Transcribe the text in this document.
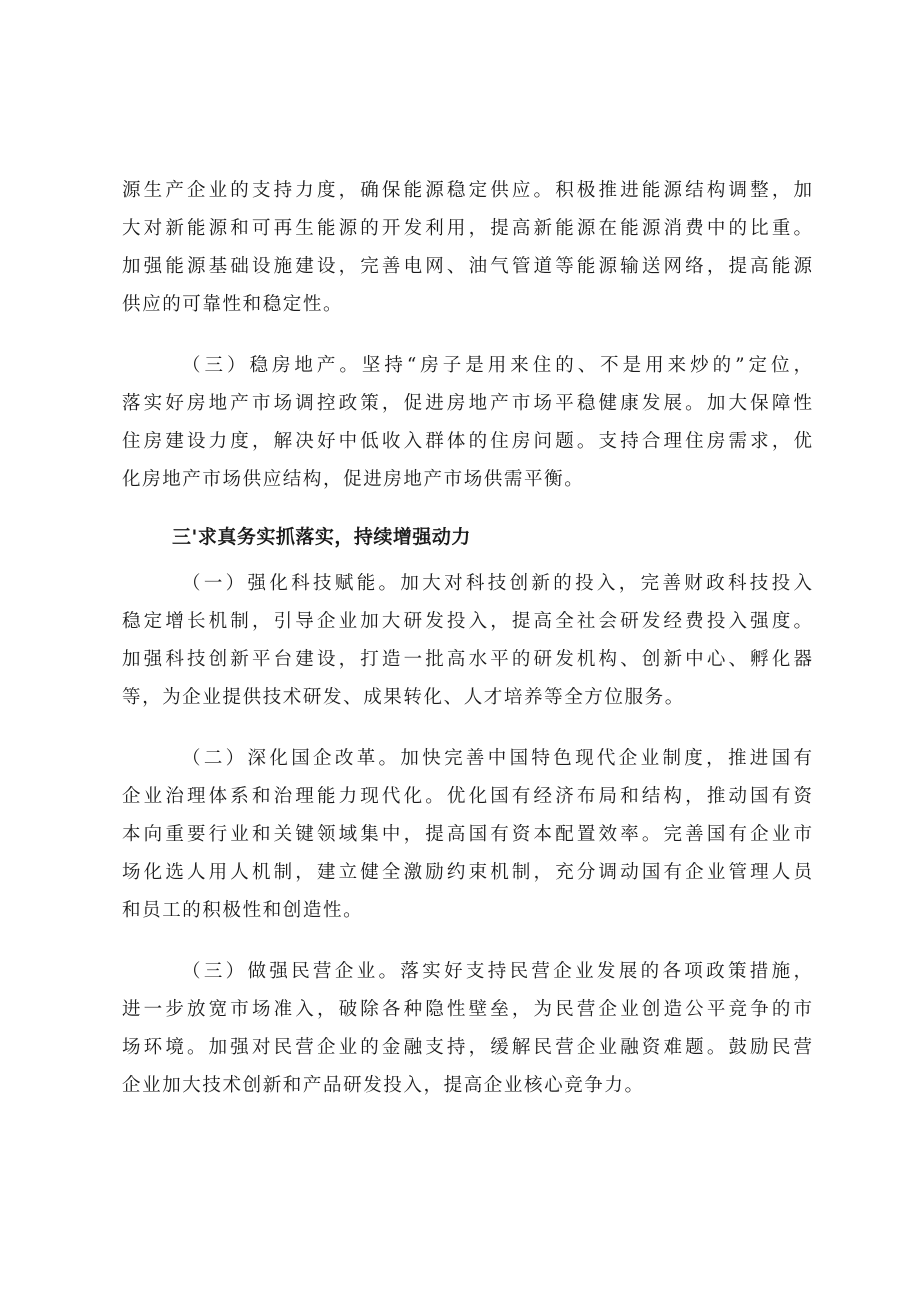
源生产企业的支持力度，确保能源稳定供应。积极推进能源结构调整，加
大对新能源和可再生能源的开发利用，提高新能源在能源消费中的比重。
加强能源基础设施建设，完善电网、油气管道等能源输送网络，提高能源
供应的可靠性和稳定性。
（三）稳房地产。坚持“房子是用来住的、不是用来炒的”定位，
落实好房地产市场调控政策，促进房地产市场平稳健康发展。加大保障性
住房建设力度，解决好中低收入群体的住房问题。支持合理住房需求，优
化房地产市场供应结构，促进房地产市场供需平衡。
三'求真务实抓落实，持续增强动力
（一）强化科技赋能。加大对科技创新的投入，完善财政科技投入
稳定增长机制，引导企业加大研发投入，提高全社会研发经费投入强度。
加强科技创新平台建设，打造一批高水平的研发机构、创新中心、孵化器
等，为企业提供技术研发、成果转化、人才培养等全方位服务。
（二）深化国企改革。加快完善中国特色现代企业制度，推进国有
企业治理体系和治理能力现代化。优化国有经济布局和结构，推动国有资
本向重要行业和关键领域集中，提高国有资本配置效率。完善国有企业市
场化选人用人机制，建立健全激励约束机制，充分调动国有企业管理人员
和员工的积极性和创造性。
（三）做强民营企业。落实好支持民营企业发展的各项政策措施，
进一步放宽市场准入，破除各种隐性壁垒，为民营企业创造公平竞争的市
场环境。加强对民营企业的金融支持，缓解民营企业融资难题。鼓励民营
企业加大技术创新和产品研发投入，提高企业核心竞争力。
